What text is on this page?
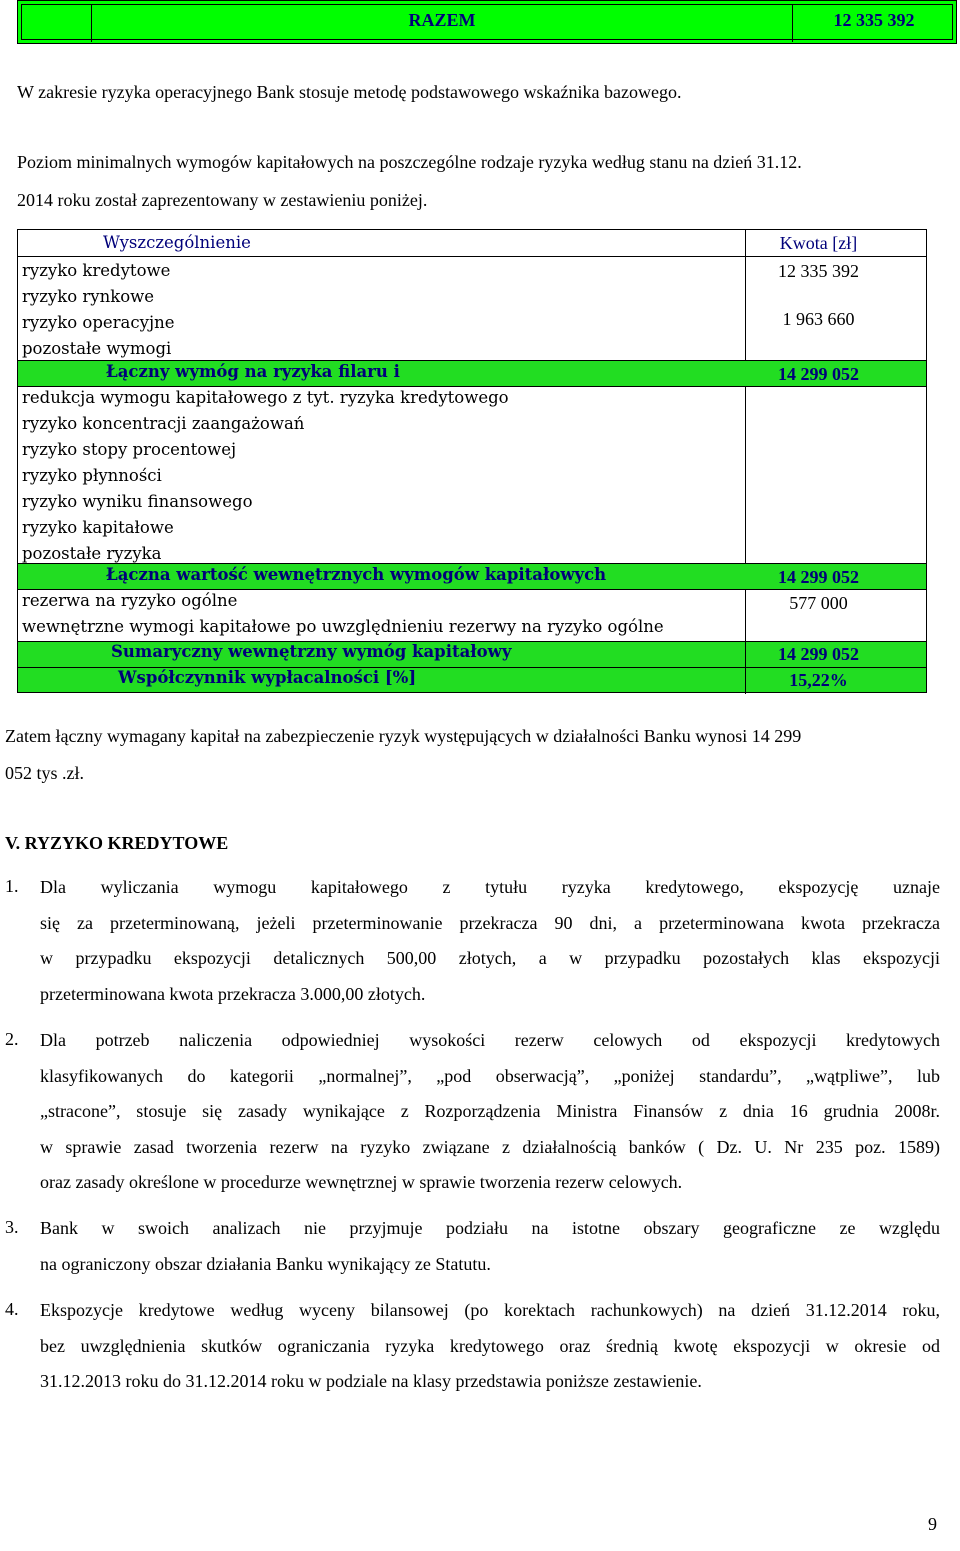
RAZEM	12 335 392
W zakresie ryzyka operacyjnego Bank stosuje metodę podstawowego wskaźnika bazowego.
Poziom minimalnych wymogów kapitałowych na poszczególne rodzaje ryzyka według stanu na dzień 31.12.
2014 roku został zaprezentowany w zestawieniu poniżej.
Wyszczególnienie	Kwota [zł]
ryzyko kredytowe	12 335 392
ryzyko rynkowe
ryzyko operacyjne	1 963 660
pozostałe wymogi
Łączny wymóg na ryzyka filaru i	14 299 052
redukcja wymogu kapitałowego z tyt. ryzyka kredytowego
ryzyko koncentracji zaangażowań
ryzyko stopy procentowej
ryzyko płynności
ryzyko wyniku finansowego
ryzyko kapitałowe
pozostałe ryzyka
Łączna wartość wewnętrznych wymogów kapitałowych	14 299 052
rezerwa na ryzyko ogólne	577 000
wewnętrzne wymogi kapitałowe po uwzględnieniu rezerwy na ryzyko ogólne
Sumaryczny wewnętrzny wymóg kapitałowy	14 299 052
Współczynnik wypłacalności [%]	15,22%
Zatem łączny wymagany kapitał na zabezpieczenie ryzyk występujących w działalności Banku wynosi 14 299
052 tys .zł.
V. RYZYKO KREDYTOWE
1. Dla wyliczania wymogu kapitałowego z tytułu ryzyka kredytowego, ekspozycję uznaje
się za przeterminowaną, jeżeli przeterminowanie przekracza 90 dni, a przeterminowana kwota przekracza
w przypadku ekspozycji detalicznych 500,00 złotych, a w przypadku pozostałych klas ekspozycji
przeterminowana kwota przekracza 3.000,00 złotych.
2. Dla potrzeb naliczenia odpowiedniej wysokości rezerw celowych od ekspozycji kredytowych
klasyfikowanych do kategorii „normalnej”, „pod obserwacją”, „poniżej standardu”, „wątpliwe”, lub
„stracone”, stosuje się zasady wynikające z Rozporządzenia Ministra Finansów z dnia 16 grudnia 2008r.
w sprawie zasad tworzenia rezerw na ryzyko związane z działalnością banków ( Dz. U. Nr 235 poz. 1589)
oraz zasady określone w procedurze wewnętrznej w sprawie tworzenia rezerw celowych.
3. Bank w swoich analizach nie przyjmuje podziału na istotne obszary geograficzne ze względu
na ograniczony obszar działania Banku wynikający ze Statutu.
4. Ekspozycje kredytowe według wyceny bilansowej (po korektach rachunkowych) na dzień 31.12.2014 roku,
bez uwzględnienia skutków ograniczania ryzyka kredytowego oraz średnią kwotę ekspozycji w okresie od
31.12.2013 roku do 31.12.2014 roku w podziale na klasy przedstawia poniższe zestawienie.
9
